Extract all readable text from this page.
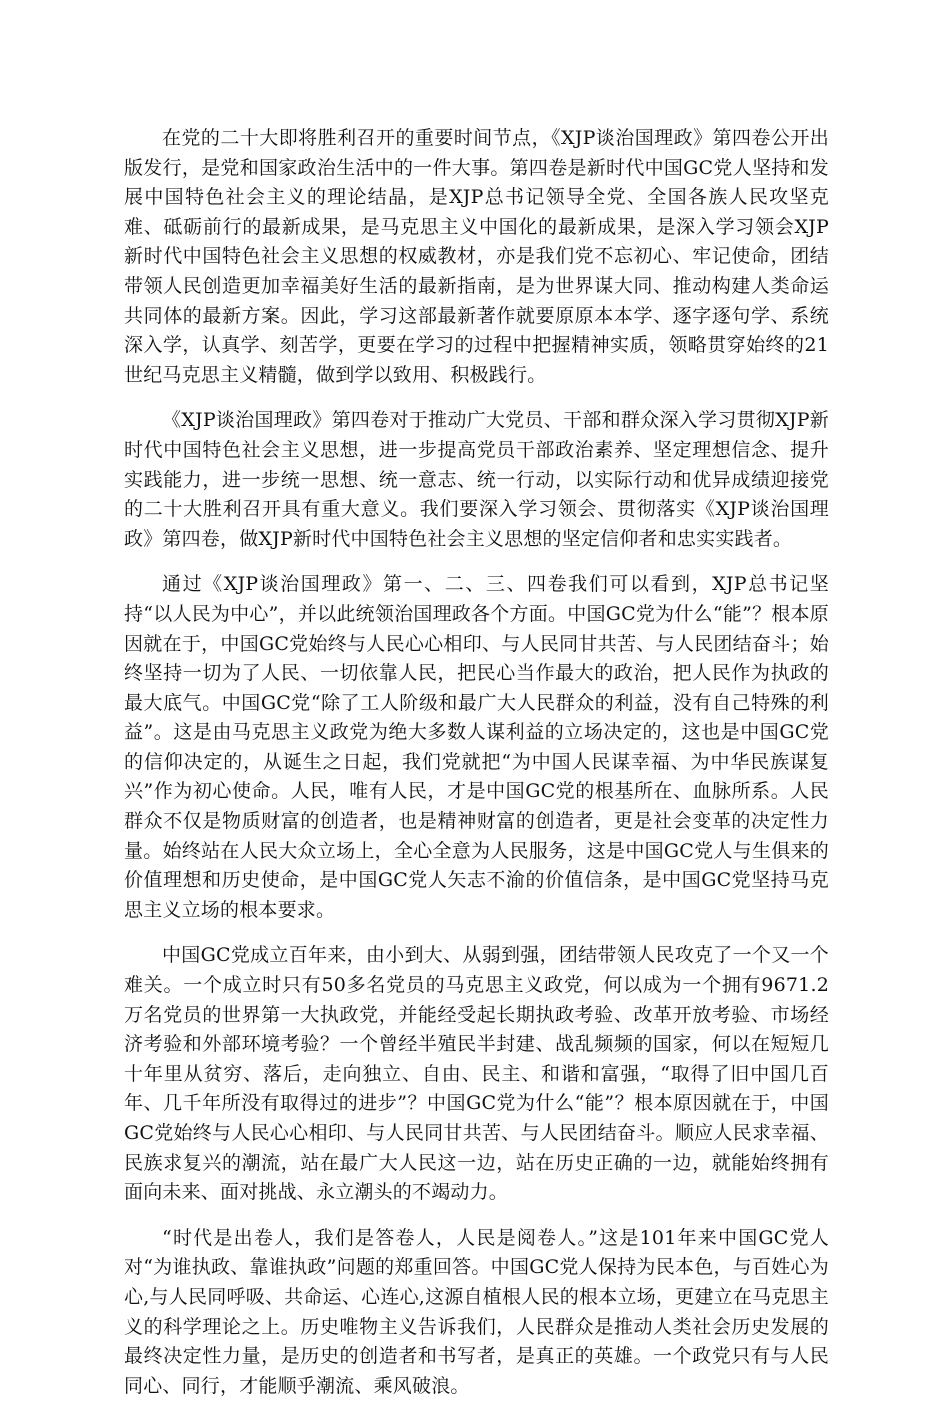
在党的二十大即将胜利召开的重要时间节点，《XJP谈治国理政》第四卷公开出版发行，是党和国家政治生活中的一件大事。第四卷是新时代中国GC党人坚持和发展中国特色社会主义的理论结晶，是XJP总书记领导全党、全国各族人民攻坚克难、砥砺前行的最新成果，是马克思主义中国化的最新成果，是深入学习领会XJP新时代中国特色社会主义思想的权威教材，亦是我们党不忘初心、牢记使命，团结带领人民创造更加幸福美好生活的最新指南，是为世界谋大同、推动构建人类命运共同体的最新方案。因此，学习这部最新著作就要原原本本学、逐字逐句学、系统深入学，认真学、刻苦学，更要在学习的过程中把握精神实质，领略贯穿始终的21世纪马克思主义精髓，做到学以致用、积极践行。

《XJP谈治国理政》第四卷对于推动广大党员、干部和群众深入学习贯彻XJP新时代中国特色社会主义思想，进一步提高党员干部政治素养、坚定理想信念、提升实践能力，进一步统一思想、统一意志、统一行动，以实际行动和优异成绩迎接党的二十大胜利召开具有重大意义。我们要深入学习领会、贯彻落实《XJP谈治国理政》第四卷，做XJP新时代中国特色社会主义思想的坚定信仰者和忠实实践者。

通过《XJP谈治国理政》第一、二、三、四卷我们可以看到，XJP总书记坚持“以人民为中心”，并以此统领治国理政各个方面。中国GC党为什么“能”？根本原因就在于，中国GC党始终与人民心心相印、与人民同甘共苦、与人民团结奋斗；始终坚持一切为了人民、一切依靠人民，把民心当作最大的政治，把人民作为执政的最大底气。中国GC党“除了工人阶级和最广大人民群众的利益，没有自己特殊的利益”。这是由马克思主义政党为绝大多数人谋利益的立场决定的，这也是中国GC党的信仰决定的，从诞生之日起，我们党就把“为中国人民谋幸福、为中华民族谋复兴”作为初心使命。人民，唯有人民，才是中国GC党的根基所在、血脉所系。人民群众不仅是物质财富的创造者，也是精神财富的创造者，更是社会变革的决定性力量。始终站在人民大众立场上，全心全意为人民服务，这是中国GC党人与生俱来的价值理想和历史使命，是中国GC党人矢志不渝的价值信条，是中国GC党坚持马克思主义立场的根本要求。

中国GC党成立百年来，由小到大、从弱到强，团结带领人民攻克了一个又一个难关。一个成立时只有50多名党员的马克思主义政党，何以成为一个拥有9671.2万名党员的世界第一大执政党，并能经受起长期执政考验、改革开放考验、市场经济考验和外部环境考验？一个曾经半殖民半封建、战乱频频的国家，何以在短短几十年里从贫穷、落后，走向独立、自由、民主、和谐和富强，“取得了旧中国几百年、几千年所没有取得过的进步”？中国GC党为什么“能”？根本原因就在于，中国GC党始终与人民心心相印、与人民同甘共苦、与人民团结奋斗。顺应人民求幸福、民族求复兴的潮流，站在最广大人民这一边，站在历史正确的一边，就能始终拥有面向未来、面对挑战、永立潮头的不竭动力。

“时代是出卷人，我们是答卷人，人民是阅卷人。”这是101年来中国GC党人对“为谁执政、靠谁执政”问题的郑重回答。中国GC党人保持为民本色，与百姓心为心,与人民同呼吸、共命运、心连心,这源自植根人民的根本立场，更建立在马克思主义的科学理论之上。历史唯物主义告诉我们，人民群众是推动人类社会历史发展的最终决定性力量，是历史的创造者和书写者，是真正的英雄。一个政党只有与人民同心、同行，才能顺乎潮流、乘风破浪。
